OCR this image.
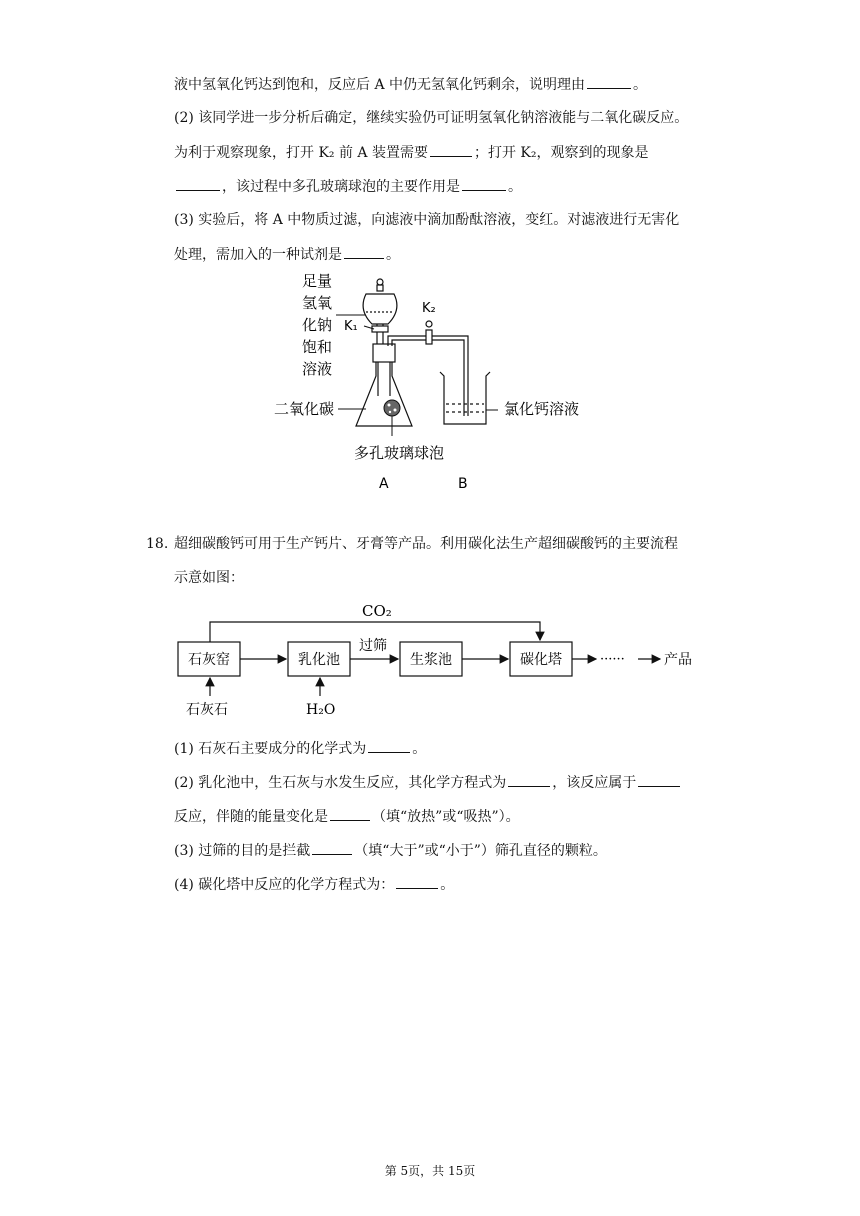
液中氢氧化钙达到饱和，反应后 A 中仍无氢氧化钙剩余，说明理由	。
(2) 该同学进一步分析后确定，继续实验仍可证明氢氧化钠溶液能与二氧化碳反应。
为利于观察现象，打开 K₂ 前 A 装置需要	；打开 K₂，观察到的现象是
，该过程中多孔玻璃球泡的主要作用是	。
(3) 实验后，将 A 中物质过滤，向滤液中滴加酚酞溶液，变红。对滤液进行无害化
处理，需加入的一种试剂是	。
足量
氢氧
化钠
饱和
溶液
K₁
二氧化碳
K₂
氯化钙溶液
多孔玻璃球泡
A	B
18. 超细碳酸钙可用于生产钙片、牙膏等产品。利用碳化法生产超细碳酸钙的主要流程
示意如图：
CO₂
石灰窑	乳化池	生浆池	碳化塔
过筛
······	产品
石灰石	H₂O
(1) 石灰石主要成分的化学式为	。
(2) 乳化池中，生石灰与水发生反应，其化学方程式为	，该反应属于
反应，伴随的能量变化是	（填“放热”或“吸热”）。
(3) 过筛的目的是拦截	（填“大于”或“小于”）筛孔直径的颗粒。
(4) 碳化塔中反应的化学方程式为：	。
第 5页，共 15页
